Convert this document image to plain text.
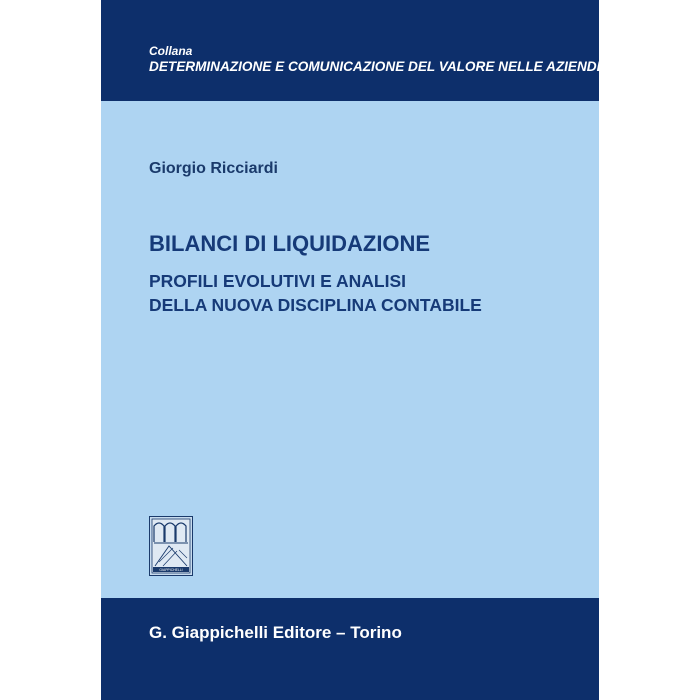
Collana
DETERMINAZIONE E COMUNICAZIONE DEL VALORE NELLE AZIENDE
Giorgio Ricciardi
BILANCI DI LIQUIDAZIONE
PROFILI EVOLUTIVI E ANALISI
DELLA NUOVA DISCIPLINA CONTABILE
GIAPPICHELLI
G. Giappichelli Editore – Torino
